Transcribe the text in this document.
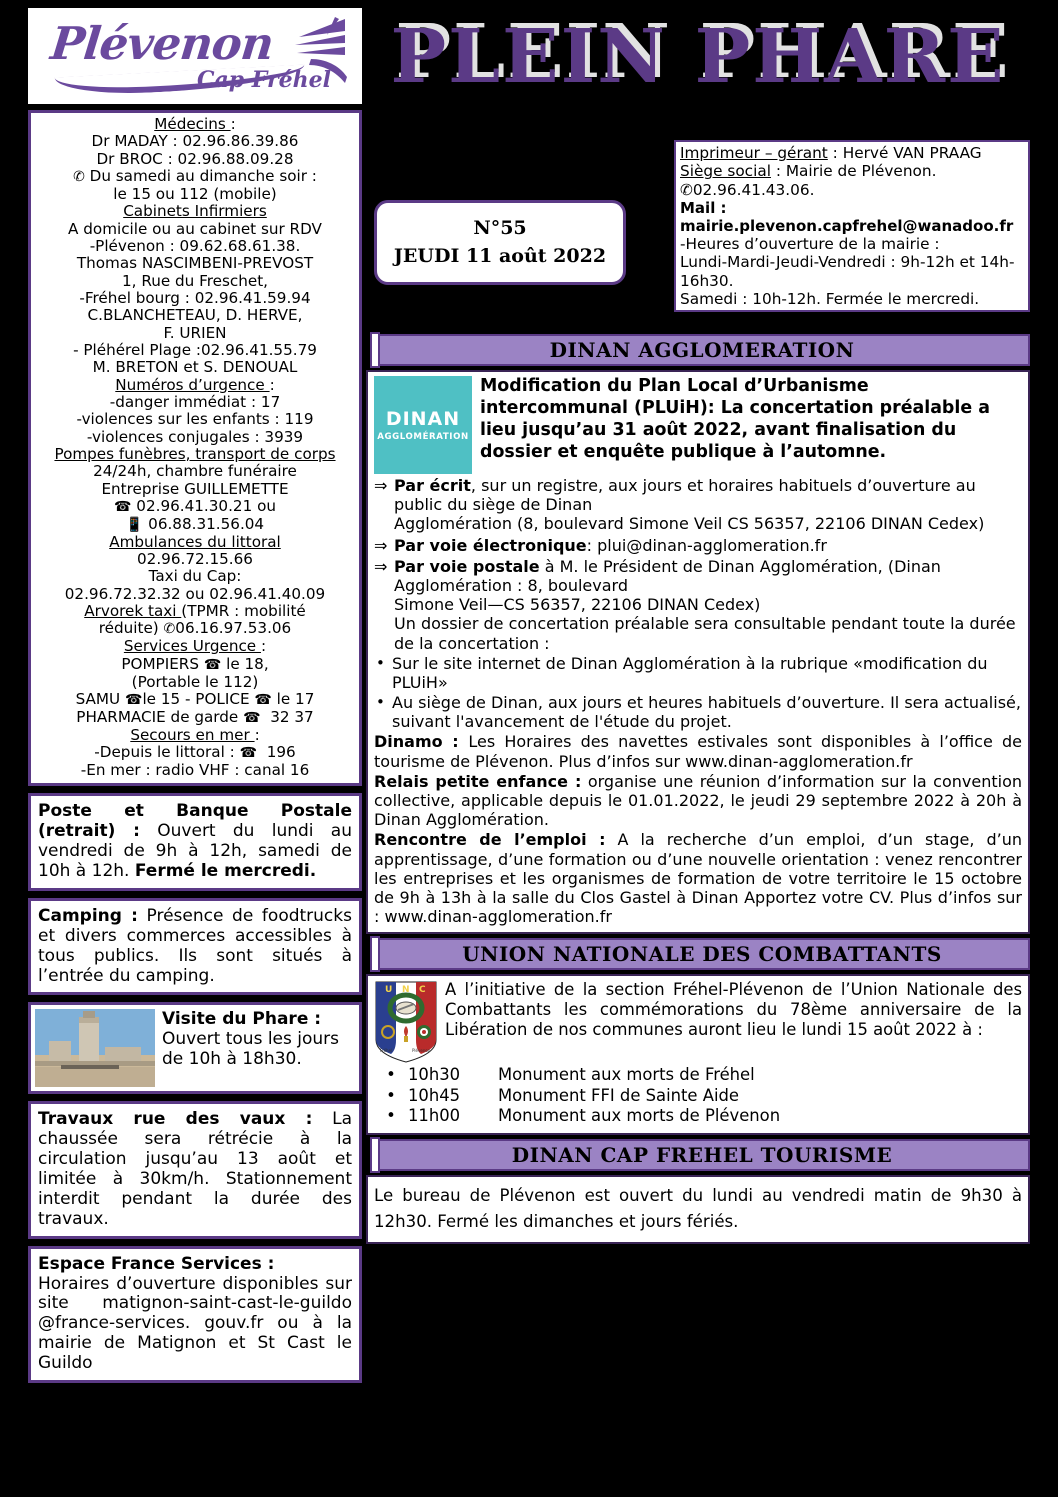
Plévenon
Cap Fréhel
Médecins :
Dr MADAY : 02.96.86.39.86
Dr BROC : 02.96.88.09.28
✆ Du samedi au dimanche soir :
le 15 ou 112 (mobile)
Cabinets Infirmiers
A domicile ou au cabinet sur RDV
-Plévenon : 09.62.68.61.38.
Thomas NASCIMBENI-PREVOST
1, Rue du Freschet,
-Fréhel bourg : 02.96.41.59.94
C.BLANCHETEAU, D. HERVE,
F. URIEN
- Pléhérel Plage :02.96.41.55.79
M. BRETON et S. DENOUAL
Numéros d’urgence :
-danger immédiat : 17
-violences sur les enfants : 119
-violences conjugales : 3939
Pompes funèbres, transport de corps
24/24h, chambre funéraire
Entreprise GUILLEMETTE
☎ 02.96.41.30.21 ou
📱 06.88.31.56.04
Ambulances du littoral
02.96.72.15.66
Taxi du Cap:
02.96.72.32.32 ou 02.96.41.40.09
Arvorek taxi (TPMR : mobilité
réduite) ✆06.16.97.53.06
Services Urgence :
POMPIERS ☎ le 18,
(Portable le 112)
SAMU ☎le 15 - POLICE ☎ le 17
PHARMACIE de garde ☎ 32 37
Secours en mer :
-Depuis le littoral : ☎ 196
-En mer : radio VHF : canal 16
Poste et Banque Postale (retrait) : Ouvert du lundi au vendredi de 9h à 12h, samedi de 10h à 12h. Fermé le mercredi.
Camping : Présence de foodtrucks et divers commerces accessibles à tous publics. Ils sont situés à l’entrée du camping.
Visite du Phare : Ouvert tous les jours de 10h à 18h30.
Travaux rue des vaux : La chaussée sera rétrécie à la circulation jusqu’au 13 août et limitée à 30km/h. Stationnement interdit pendant la durée des travaux.
Espace France Services :
Horaires d’ouverture disponibles sur site matignon-saint-cast-le-guildo @france-services. gouv.fr ou à la mairie de Matignon et St Cast le Guildo
PLEIN PHARE
N°55
JEUDI 11 août 2022
Imprimeur – gérant : Hervé VAN PRAAG
Siège social : Mairie de Plévenon.
✆02.96.41.43.06.
Mail :
mairie.plevenon.capfrehel@wanadoo.fr
-Heures d’ouverture de la mairie :
Lundi-Mardi-Jeudi-Vendredi : 9h-12h et 14h-16h30.
Samedi : 10h-12h. Fermée le mercredi.
DINAN AGGLOMERATION
DINAN
AGGLOMÉRATION
Modification du Plan Local d’Urbanisme intercommunal (PLUiH): La concertation préalable a lieu jusqu’au 31 août 2022, avant finalisation du dossier et enquête publique à l’automne.
⇒ Par écrit, sur un registre, aux jours et horaires habituels d’ouverture au public du siège de Dinan
Agglomération (8, boulevard Simone Veil CS 56357, 22106 DINAN Cedex)
⇒ Par voie électronique: plui@dinan-agglomeration.fr
⇒ Par voie postale à M. le Président de Dinan Agglomération, (Dinan Agglomération : 8, boulevard
Simone Veil—CS 56357, 22106 DINAN Cedex)
Un dossier de concertation préalable sera consultable pendant toute la durée de la concertation :
• Sur le site internet de Dinan Agglomération à la rubrique «modification du PLUiH»
• Au siège de Dinan, aux jours et heures habituels d’ouverture. Il sera actualisé, suivant l'avancement de l'étude du projet.
Dinamo : Les Horaires des navettes estivales sont disponibles à l’office de tourisme de Plévenon. Plus d’infos sur www.dinan-agglomeration.fr
Relais petite enfance : organise une réunion d’information sur la convention collective, applicable depuis le 01.01.2022, le jeudi 29 septembre 2022 à 20h à Dinan Agglomération.
Rencontre de l’emploi : A la recherche d’un emploi, d’un stage, d’un apprentissage, d’une formation ou d’une nouvelle orientation : venez rencontrer les entreprises et les organismes de formation de votre territoire le 15 octobre de 9h à 13h à la salle du Clos Gastel à Dinan Apportez votre CV. Plus d’infos sur : www.dinan-agglomeration.fr
UNION NATIONALE DES COMBATTANTS
U N C
Fréhel	Plévenon
A l’initiative de la section Fréhel-Plévenon de l’Union Nationale des Combattants les commémorations du 78ème anniversaire de la Libération de nos communes auront lieu le lundi 15 août 2022 à :
• 10h30	Monument aux morts de Fréhel
• 10h45	Monument FFI de Sainte Aide
• 11h00	Monument aux morts de Plévenon
DINAN CAP FREHEL TOURISME
Le bureau de Plévenon est ouvert du lundi au vendredi matin de 9h30 à 12h30. Fermé les dimanches et jours fériés.
